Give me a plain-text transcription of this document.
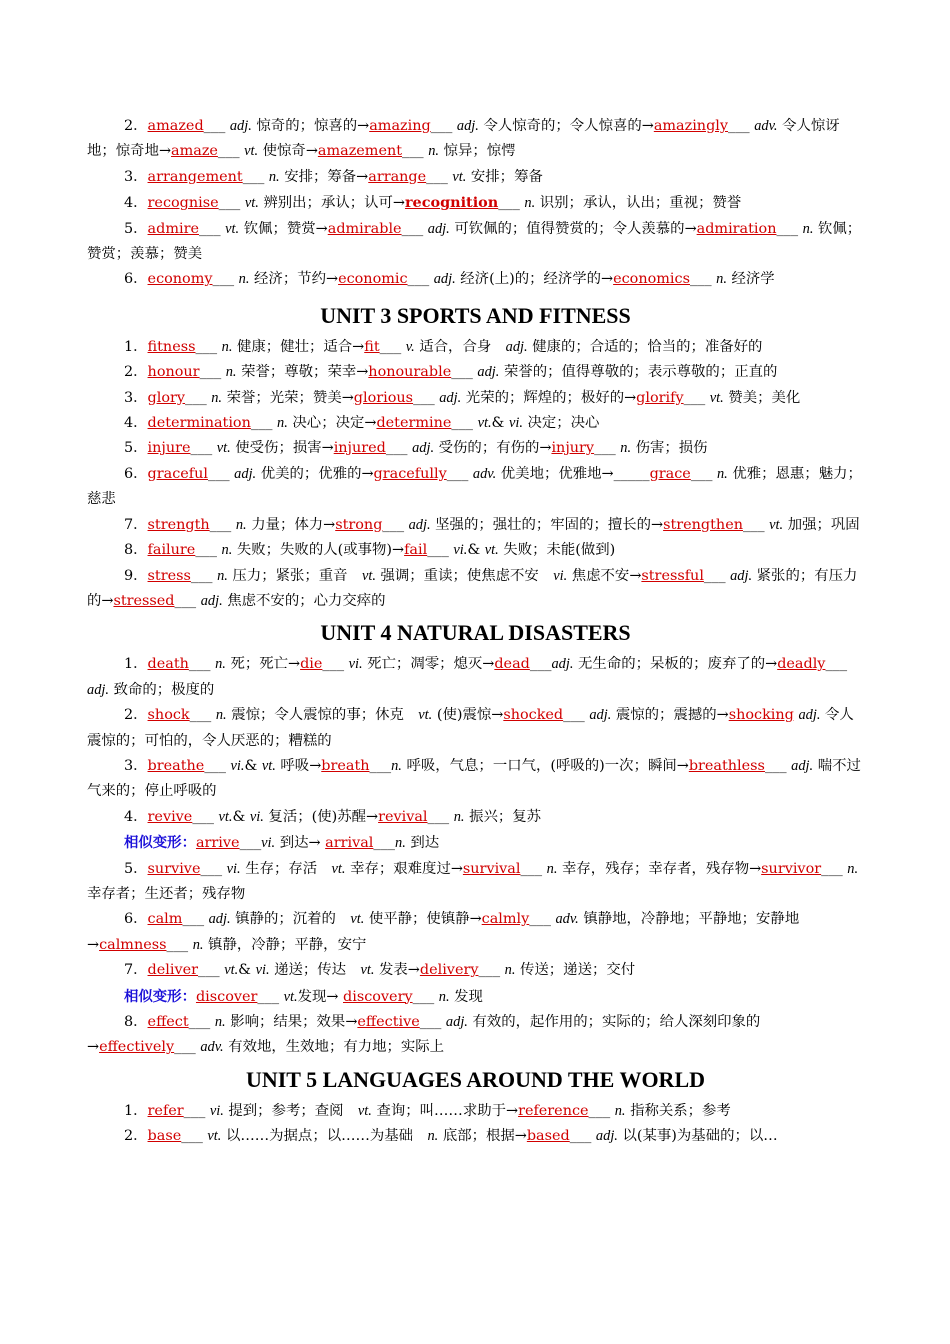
2．amazed___ adj. 惊奇的；惊喜的→amazing___ adj. 令人惊奇的；令人惊喜的→amazingly___ adv. 令人惊讶地；惊奇地→amaze___ vt. 使惊奇→amazement___ n. 惊异；惊愕

3．arrangement___ n. 安排；筹备→arrange___ vt. 安排；筹备

4．recognise___ vt. 辨别出；承认；认可→recognition___ n. 识别；承认，认出；重视；赞誉

5．admire___ vt. 钦佩；赞赏→admirable___ adj. 可钦佩的；值得赞赏的；令人羡慕的→admiration___ n. 钦佩；赞赏；羡慕；赞美

6．economy___ n. 经济；节约→economic___ adj. 经济(上)的；经济学的→economics___ n. 经济学

UNIT 3 SPORTS AND FITNESS

1．fitness___ n. 健康；健壮；适合→fit___ v. 适合，合身　adj. 健康的；合适的；恰当的；准备好的

2．honour___ n. 荣誉；尊敬；荣幸→honourable___ adj. 荣誉的；值得尊敬的；表示尊敬的；正直的

3．glory___ n. 荣誉；光荣；赞美→glorious___ adj. 光荣的；辉煌的；极好的→glorify___ vt. 赞美；美化

4．determination___ n. 决心；决定→determine___ vt.& vi. 决定；决心

5．injure___ vt. 使受伤；损害→injured___ adj. 受伤的；有伤的→injury___ n. 伤害；损伤

6．graceful___ adj. 优美的；优雅的→gracefully___ adv. 优美地；优雅地→_____grace___ n. 优雅；恩惠；魅力；慈悲

7．strength___ n. 力量；体力→strong___ adj. 坚强的；强壮的；牢固的；擅长的→strengthen___ vt. 加强；巩固

8．failure___ n. 失败；失败的人(或事物)→fail___ vi.& vt. 失败；未能(做到)

9．stress___ n. 压力；紧张；重音　vt. 强调；重读；使焦虑不安　vi. 焦虑不安→stressful___ adj. 紧张的；有压力的→stressed___ adj. 焦虑不安的；心力交瘁的

UNIT 4 NATURAL DISASTERS

1．death___ n. 死；死亡→die___ vi. 死亡；凋零；熄灭→dead___adj. 无生命的；呆板的；废弃了的→deadly___ adj. 致命的；极度的

2．shock___ n. 震惊；令人震惊的事；休克　vt. (使)震惊→shocked___ adj. 震惊的；震撼的→shocking adj. 令人震惊的；可怕的，令人厌恶的；糟糕的

3．breathe___ vi.& vt. 呼吸→breath___n. 呼吸，气息；一口气，(呼吸的)一次；瞬间→breathless___ adj. 喘不过气来的；停止呼吸的

4．revive___ vt.& vi. 复活；(使)苏醒→revival___ n. 振兴；复苏

相似变形：arrive___vi. 到达→ arrival___n. 到达

5．survive___ vi. 生存；存活　vt. 幸存；艰难度过→survival___ n. 幸存，残存；幸存者，残存物→survivor___ n. 幸存者；生还者；残存物

6．calm___ adj. 镇静的；沉着的　vt. 使平静；使镇静→calmly___ adv. 镇静地，冷静地；平静地；安静地→calmness___ n. 镇静，冷静；平静，安宁

7．deliver___ vt.& vi. 递送；传达　vt. 发表→delivery___ n. 传送；递送；交付

相似变形：discover___ vt.发现→ discovery___ n. 发现

8．effect___ n. 影响；结果；效果→effective___ adj. 有效的，起作用的；实际的；给人深刻印象的→effectively___ adv. 有效地，生效地；有力地；实际上

UNIT 5 LANGUAGES AROUND THE WORLD

1．refer___ vi. 提到；参考；查阅　vt. 查询；叫……求助于→reference___ n. 指称关系；参考

2．base___ vt. 以……为据点；以……为基础　n. 底部；根据→based___ adj. 以(某事)为基础的；以…
